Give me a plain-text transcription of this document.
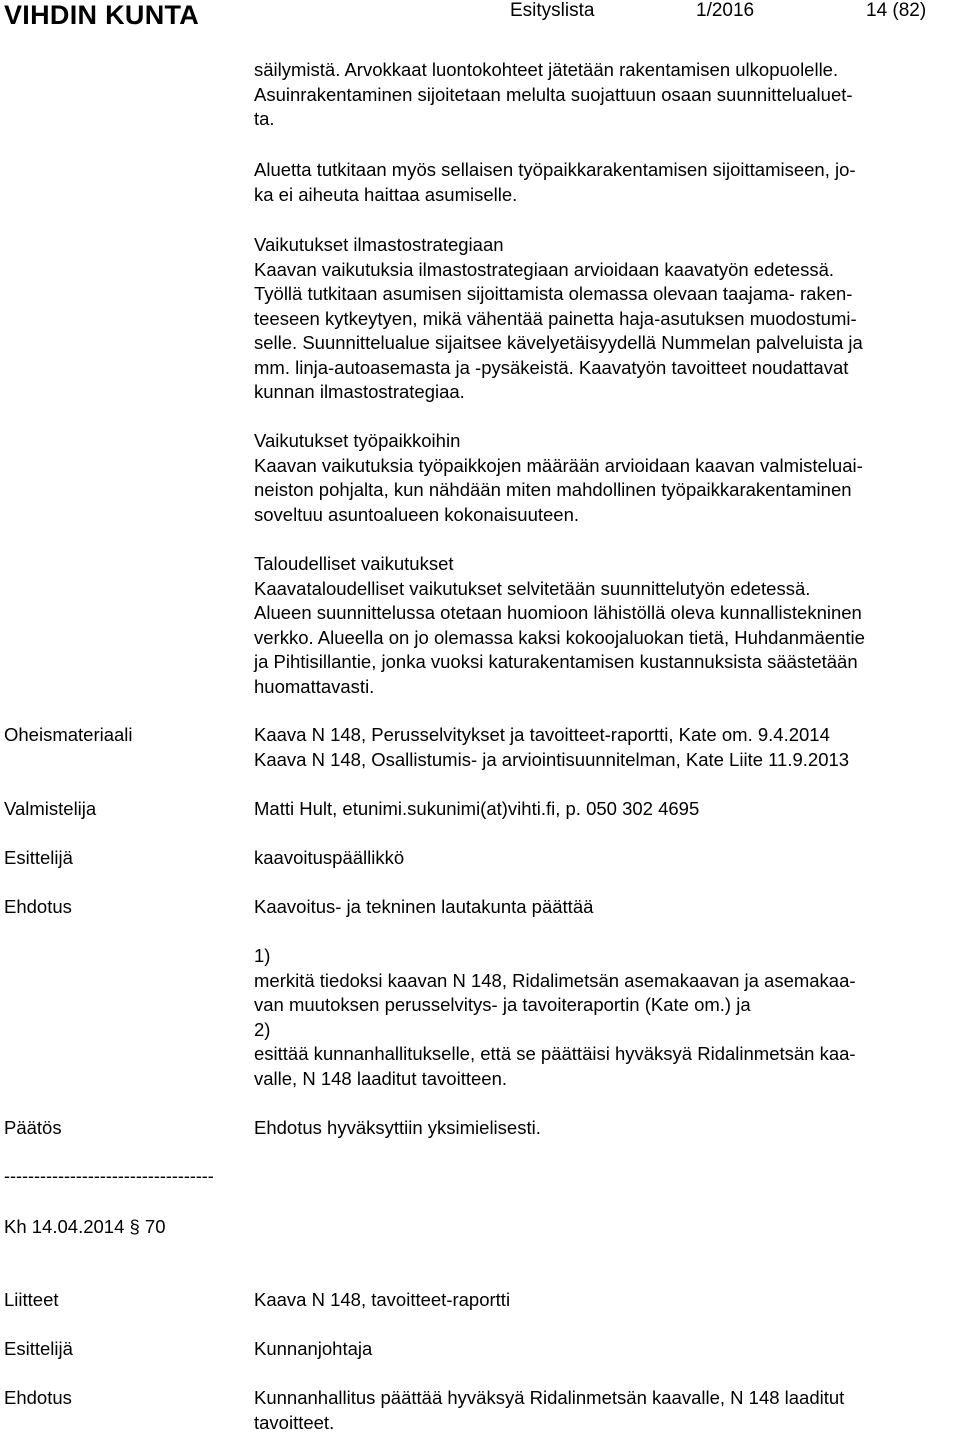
VIHDIN KUNTA	Esityslista	1/2016	14 (82)
säilymistä. Arvokkaat luontokohteet jätetään rakentamisen ulkopuolelle.
Asuinrakentaminen sijoitetaan melulta suojattuun osaan suunnittelualuet-
ta.
Aluetta tutkitaan myös sellaisen työpaikkarakentamisen sijoittamiseen, jo-
ka ei aiheuta haittaa asumiselle.
Vaikutukset ilmastostrategiaan
Kaavan vaikutuksia ilmastostrategiaan arvioidaan kaavatyön edetessä.
Työllä tutkitaan asumisen sijoittamista olemassa olevaan taajama- raken-
teeseen kytkeytyen, mikä vähentää painetta haja-asutuksen muodostumi-
selle. Suunnittelualue sijaitsee kävelyetäisyydellä Nummelan palveluista ja
mm. linja-autoasemasta ja -pysäkeistä. Kaavatyön tavoitteet noudattavat
kunnan ilmastostrategiaa.
Vaikutukset työpaikkoihin
Kaavan vaikutuksia työpaikkojen määrään arvioidaan kaavan valmisteluai-
neiston pohjalta, kun nähdään miten mahdollinen työpaikkarakentaminen
soveltuu asuntoalueen kokonaisuuteen.
Taloudelliset vaikutukset
Kaavataloudelliset vaikutukset selvitetään suunnittelutyön edetessä.
Alueen suunnittelussa otetaan huomioon lähistöllä oleva kunnallistekninen
verkko. Alueella on jo olemassa kaksi kokoojaluokan tietä, Huhdanmäentie
ja Pihtisillantie, jonka vuoksi katurakentamisen kustannuksista säästetään
huomattavasti.
Oheismateriaali	Kaava N 148, Perusselvitykset ja tavoitteet-raportti, Kate om. 9.4.2014
Kaava N 148, Osallistumis- ja arviointisuunnitelman, Kate Liite 11.9.2013
Valmistelija	Matti Hult, etunimi.sukunimi(at)vihti.fi, p. 050 302 4695
Esittelijä	kaavoituspäällikkö
Ehdotus	Kaavoitus- ja tekninen lautakunta päättää
1)
merkitä tiedoksi kaavan N 148, Ridalimetsän asemakaavan ja asemakaa-
van muutoksen perusselvitys- ja tavoiteraportin (Kate om.) ja
2)
esittää kunnanhallitukselle, että se päättäisi hyväksyä Ridalinmetsän kaa-
valle, N 148 laaditut tavoitteen.
Päätös	Ehdotus hyväksyttiin yksimielisesti.
-----------------------------------
Kh 14.04.2014 § 70
Liitteet	Kaava N 148, tavoitteet-raportti
Esittelijä	Kunnanjohtaja
Ehdotus	Kunnanhallitus päättää hyväksyä Ridalinmetsän kaavalle, N 148 laaditut
tavoitteet.
